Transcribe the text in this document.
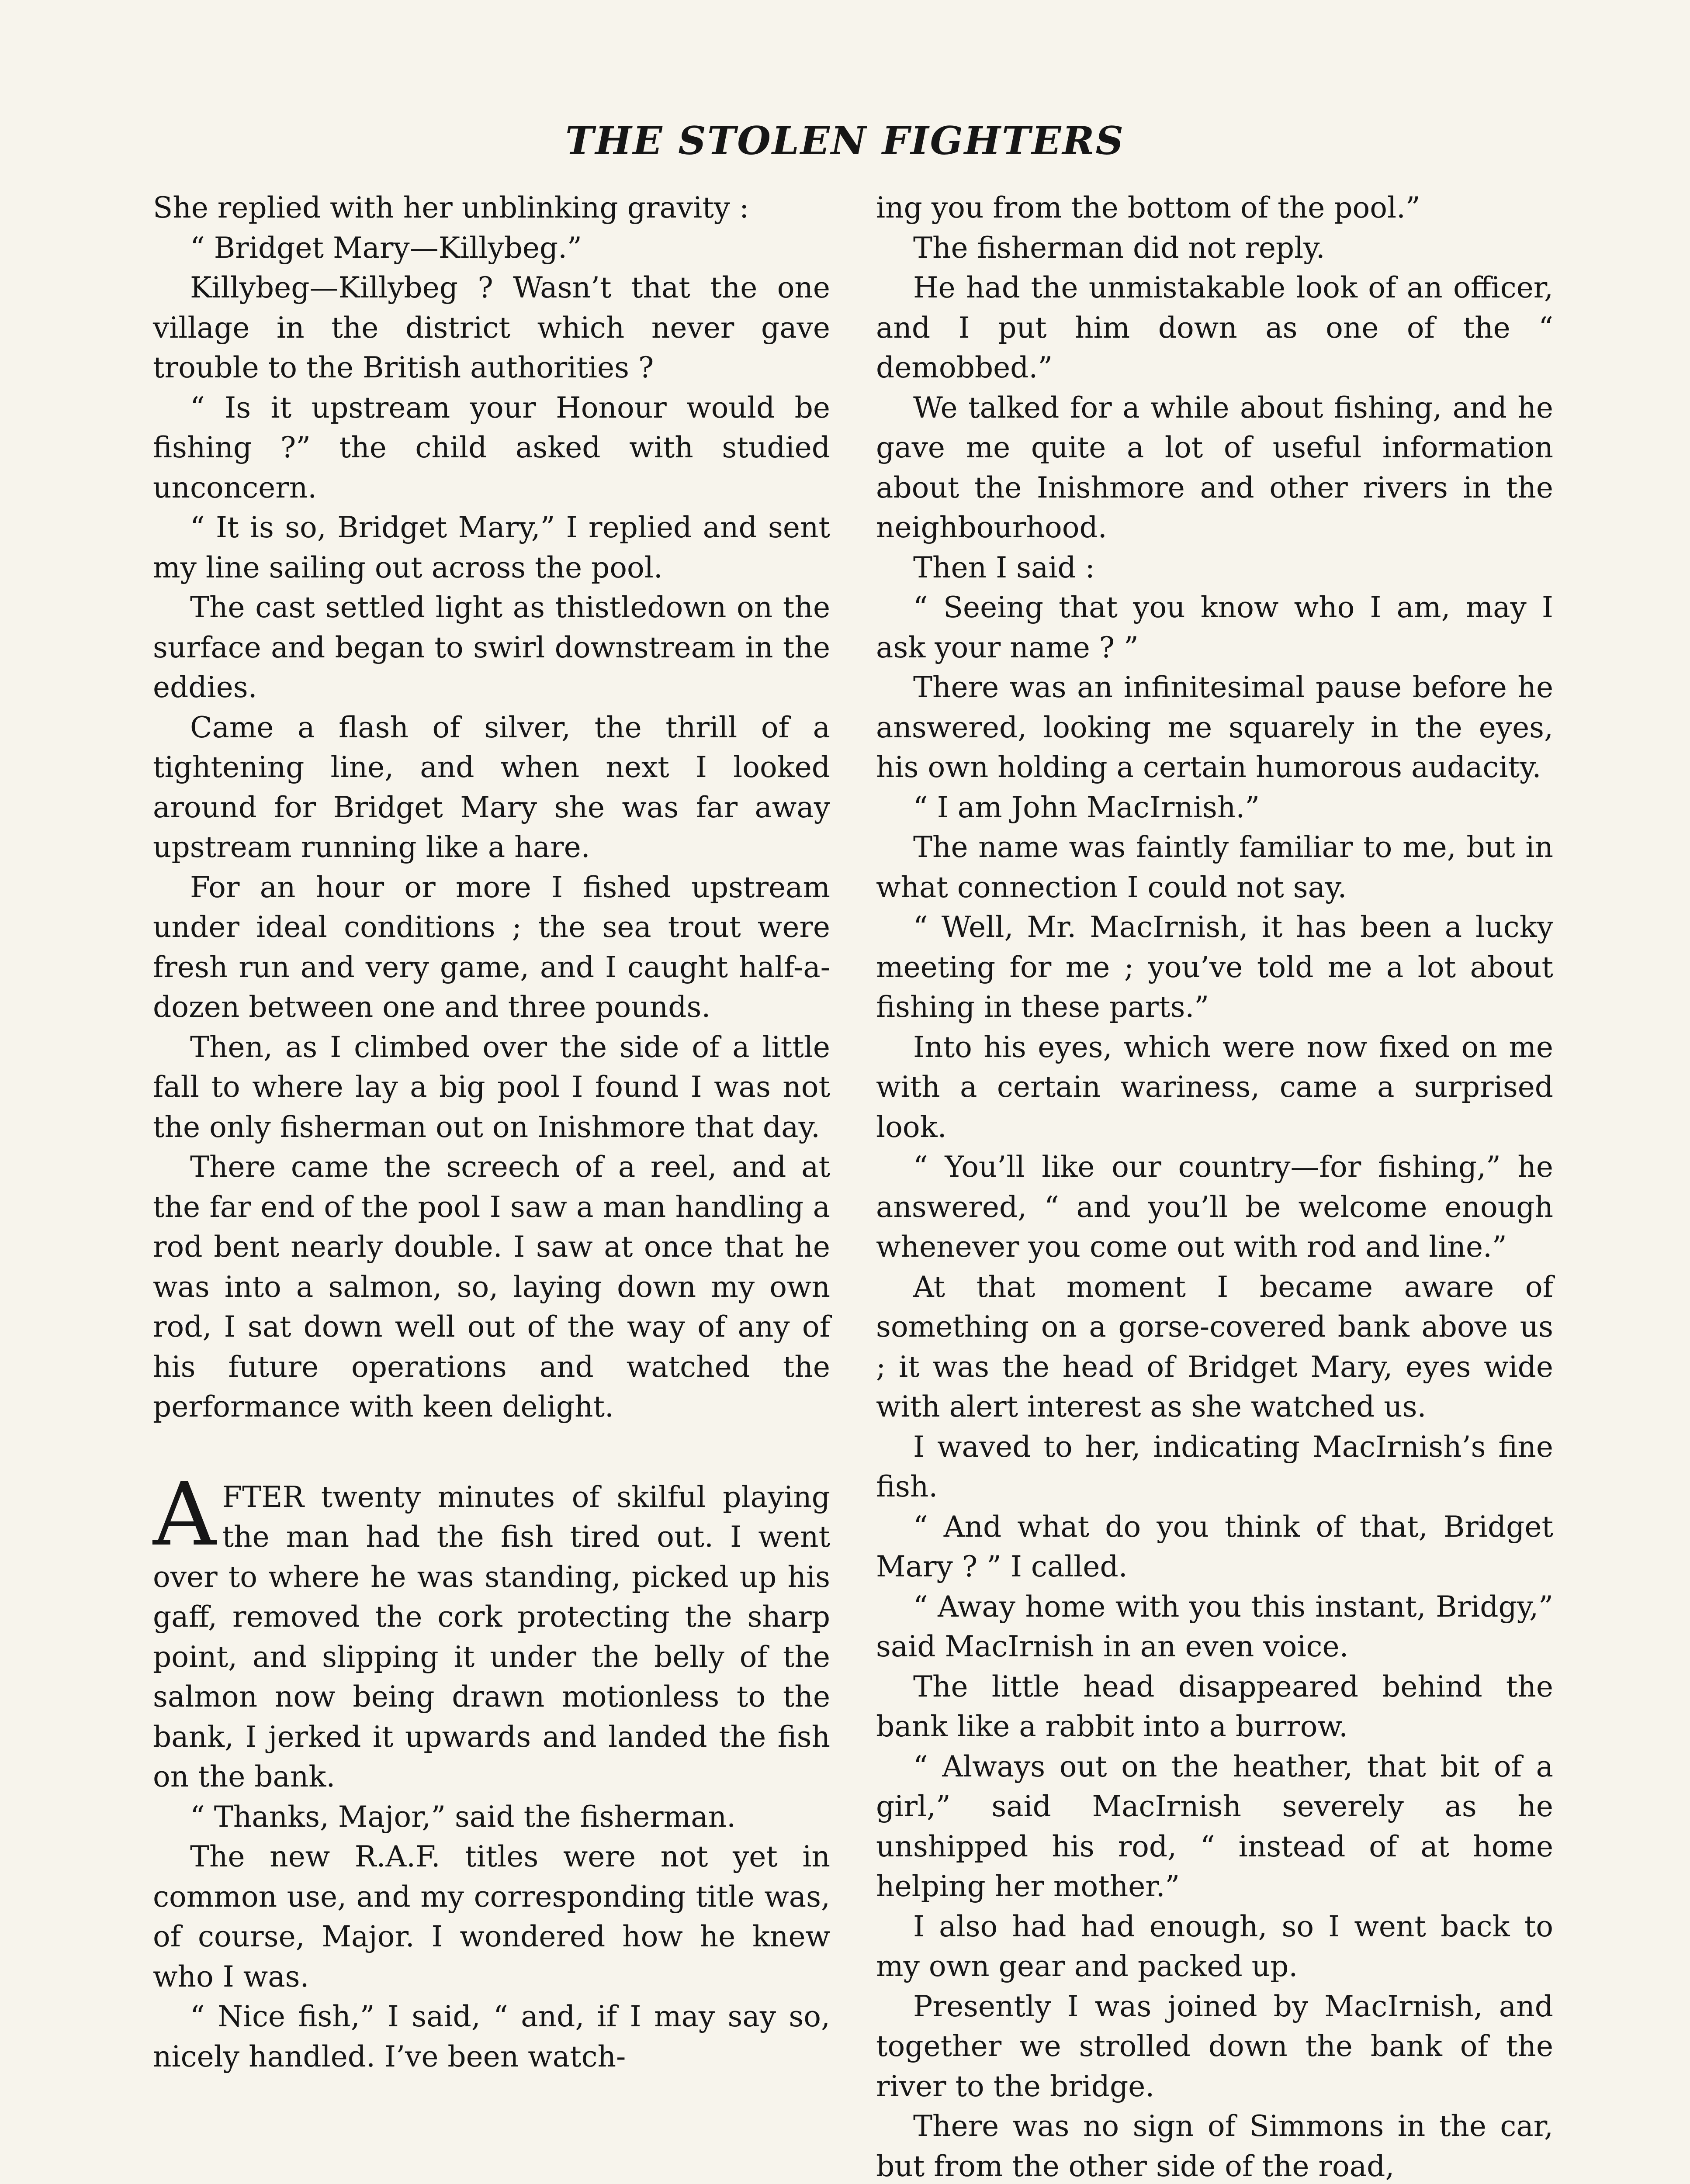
THE STOLEN FIGHTERS

She replied with her unblinking gravity :

“ Bridget Mary—Killybeg.”

Killybeg—Killybeg ? Wasn’t that the one village in the district which never gave trouble to the British authorities ?

“ Is it upstream your Honour would be fishing ?” the child asked with studied unconcern.

“ It is so, Bridget Mary,” I replied and sent my line sailing out across the pool.

The cast settled light as thistledown on the surface and began to swirl downstream in the eddies.

Came a flash of silver, the thrill of a tightening line, and when next I looked around for Bridget Mary she was far away upstream running like a hare.

For an hour or more I fished upstream under ideal conditions ; the sea trout were fresh run and very game, and I caught half-a-dozen between one and three pounds.

Then, as I climbed over the side of a little fall to where lay a big pool I found I was not the only fisherman out on Inishmore that day.

There came the screech of a reel, and at the far end of the pool I saw a man handling a rod bent nearly double. I saw at once that he was into a salmon, so, laying down my own rod, I sat down well out of the way of any of his future operations and watched the performance with keen delight.

AFTER twenty minutes of skilful playing the man had the fish tired out. I went over to where he was standing, picked up his gaff, removed the cork protecting the sharp point, and slipping it under the belly of the salmon now being drawn motionless to the bank, I jerked it upwards and landed the fish on the bank.

“ Thanks, Major,” said the fisherman.

The new R.A.F. titles were not yet in common use, and my corresponding title was, of course, Major. I wondered how he knew who I was.

“ Nice fish,” I said, “ and, if I may say so, nicely handled. I’ve been watch-

ing you from the bottom of the pool.”

The fisherman did not reply.

He had the unmistakable look of an officer, and I put him down as one of the “ demobbed.”

We talked for a while about fishing, and he gave me quite a lot of useful information about the Inishmore and other rivers in the neighbourhood.

Then I said :

“ Seeing that you know who I am, may I ask your name ? ”

There was an infinitesimal pause before he answered, looking me squarely in the eyes, his own holding a certain humorous audacity.

“ I am John MacIrnish.”

The name was faintly familiar to me, but in what connection I could not say.

“ Well, Mr. MacIrnish, it has been a lucky meeting for me ; you’ve told me a lot about fishing in these parts.”

Into his eyes, which were now fixed on me with a certain wariness, came a surprised look.

“ You’ll like our country—for fishing,” he answered, “ and you’ll be welcome enough whenever you come out with rod and line.”

At that moment I became aware of something on a gorse-covered bank above us ; it was the head of Bridget Mary, eyes wide with alert interest as she watched us.

I waved to her, indicating MacIrnish’s fine fish.

“ And what do you think of that, Bridget Mary ? ” I called.

“ Away home with you this instant, Bridgy,” said MacIrnish in an even voice.

The little head disappeared behind the bank like a rabbit into a burrow.

“ Always out on the heather, that bit of a girl,” said MacIrnish severely as he unshipped his rod, “ instead of at home helping her mother.”

I also had had enough, so I went back to my own gear and packed up.

Presently I was joined by MacIrnish, and together we strolled down the bank of the river to the bridge.

There was no sign of Simmons in the car, but from the other side of the road,
